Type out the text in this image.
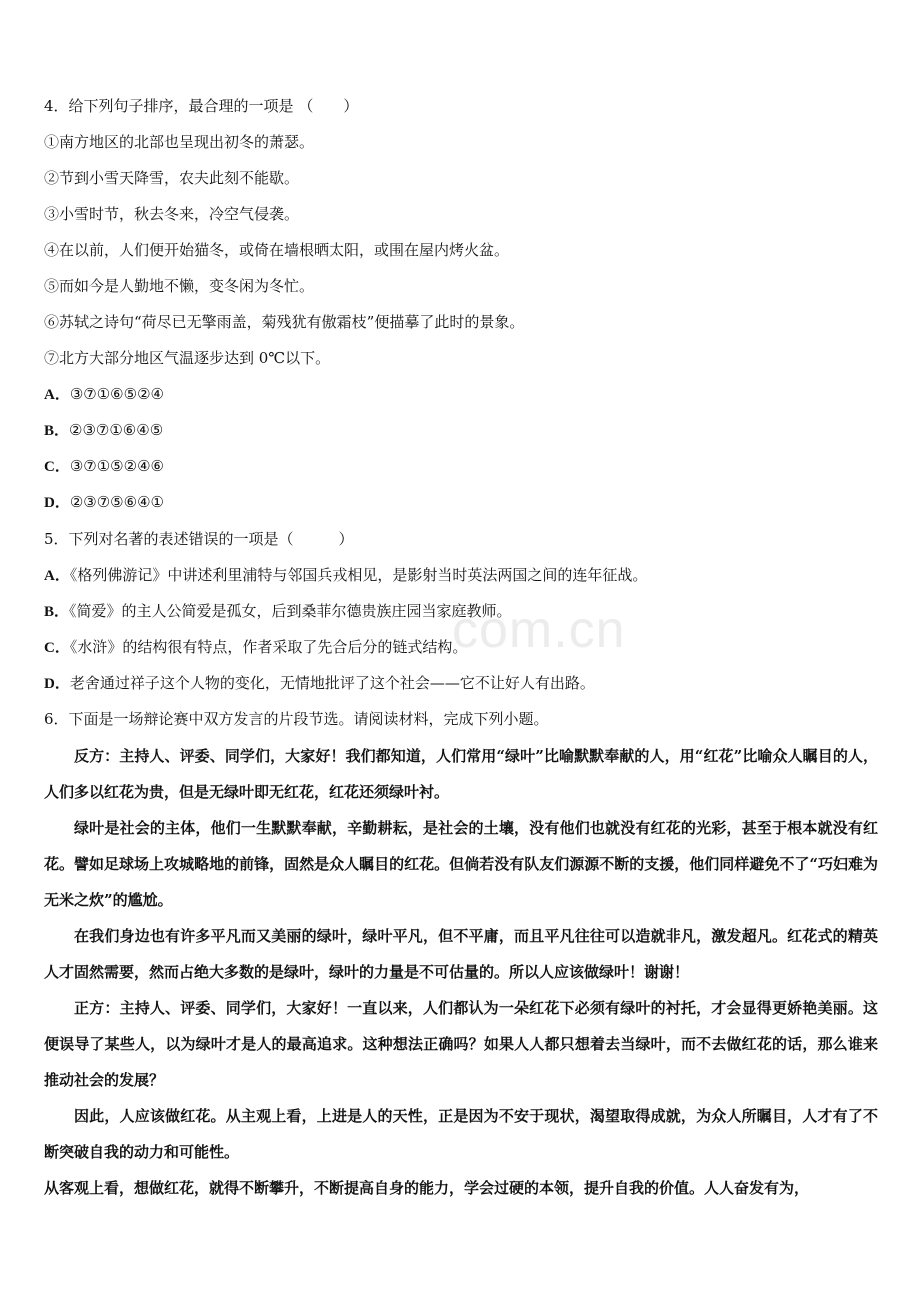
4．给下列句子排序，最合理的一项是 （　　）
①南方地区的北部也呈现出初冬的萧瑟。
②节到小雪天降雪，农夫此刻不能歇。
③小雪时节，秋去冬来，冷空气侵袭。
④在以前，人们便开始猫冬，或倚在墙根晒太阳，或围在屋内烤火盆。
⑤而如今是人勤地不懒，变冬闲为冬忙。
⑥苏轼之诗句“荷尽已无擎雨盖，菊残犹有傲霜枝”便描摹了此时的景象。
⑦北方大部分地区气温逐步达到 0℃以下。
A．③⑦①⑥⑤②④
B．②③⑦①⑥④⑤
C．③⑦①⑤②④⑥
D．②③⑦⑤⑥④①
5．下列对名著的表述错误的一项是（　　　）
A．《格列佛游记》中讲述利里浦特与邻国兵戎相见，是影射当时英法两国之间的连年征战。
B．《简爱》的主人公简爱是孤女，后到桑菲尔德贵族庄园当家庭教师。
C．《水浒》的结构很有特点，作者采取了先合后分的链式结构。
D．老舍通过祥子这个人物的变化，无情地批评了这个社会——它不让好人有出路。
6．下面是一场辩论赛中双方发言的片段节选。请阅读材料，完成下列小题。
反方：主持人、评委、同学们，大家好！我们都知道，人们常用“绿叶”比喻默默奉献的人，用“红花”比喻众人瞩目的人，人们多以红花为贵，但是无绿叶即无红花，红花还须绿叶衬。
绿叶是社会的主体，他们一生默默奉献，辛勤耕耘，是社会的土壤，没有他们也就没有红花的光彩，甚至于根本就没有红花。譬如足球场上攻城略地的前锋，固然是众人瞩目的红花。但倘若没有队友们源源不断的支援，他们同样避免不了“巧妇难为无米之炊”的尴尬。
在我们身边也有许多平凡而又美丽的绿叶，绿叶平凡，但不平庸，而且平凡往往可以造就非凡，激发超凡。红花式的精英人才固然需要，然而占绝大多数的是绿叶，绿叶的力量是不可估量的。所以人应该做绿叶！谢谢！
正方：主持人、评委、同学们，大家好！一直以来，人们都认为一朵红花下必须有绿叶的衬托，才会显得更娇艳美丽。这便误导了某些人，以为绿叶才是人的最高追求。这种想法正确吗？如果人人都只想着去当绿叶，而不去做红花的话，那么谁来推动社会的发展？
因此，人应该做红花。从主观上看，上进是人的天性，正是因为不安于现状，渴望取得成就，为众人所瞩目，人才有了不断突破自我的动力和可能性。
从客观上看，想做红花，就得不断攀升，不断提高自身的能力，学会过硬的本领，提升自我的价值。人人奋发有为，
com.cn
